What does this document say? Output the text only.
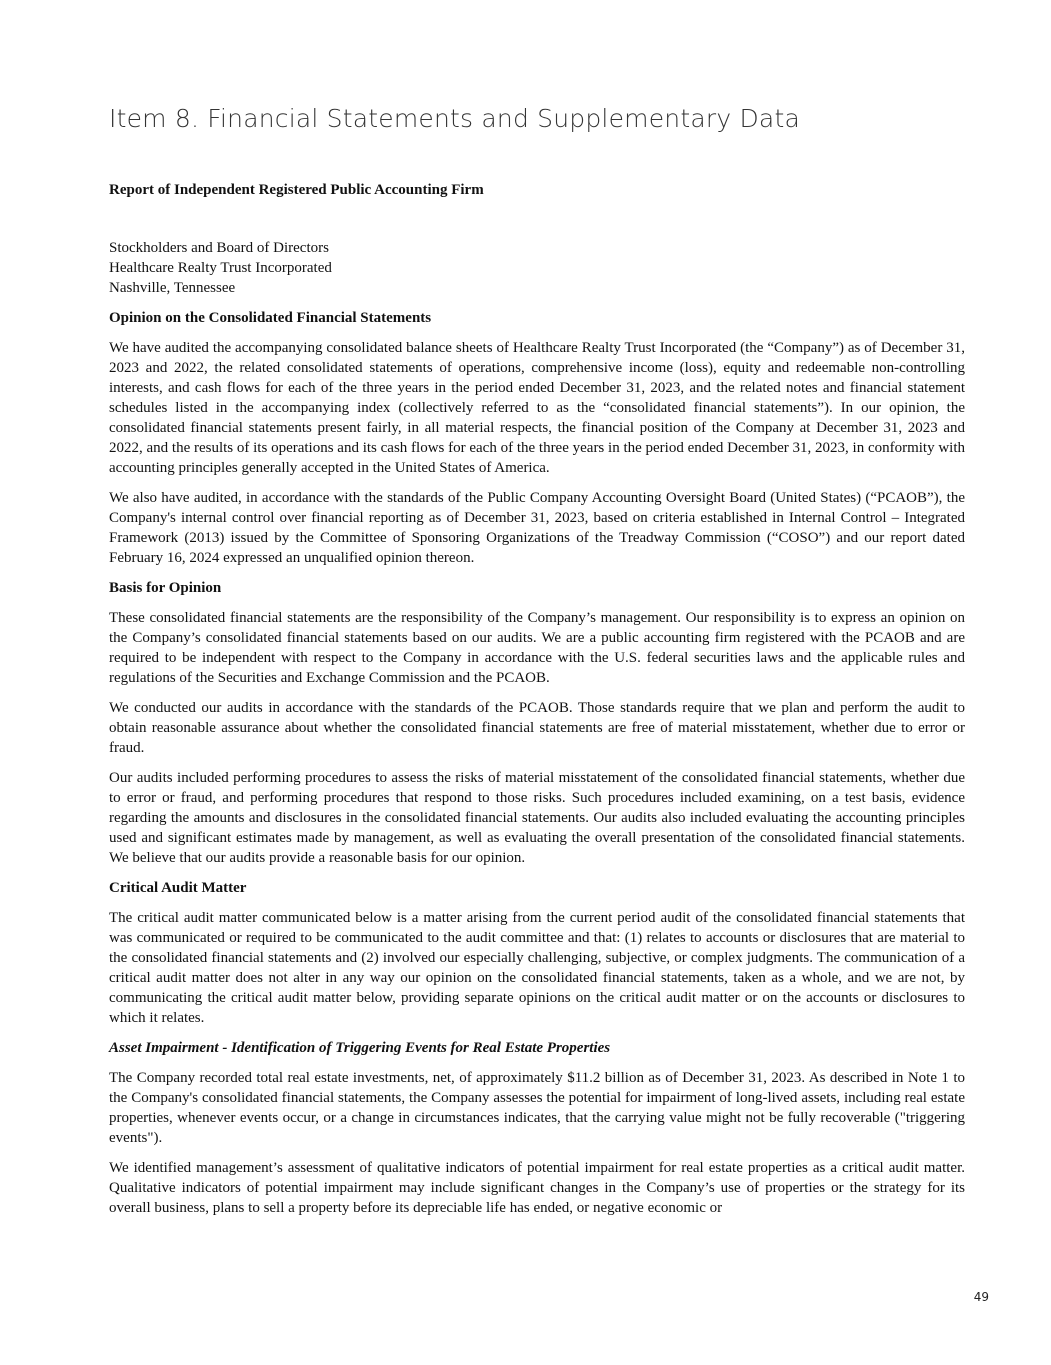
Item 8. Financial Statements and Supplementary Data
Report of Independent Registered Public Accounting Firm
Stockholders and Board of Directors
Healthcare Realty Trust Incorporated
Nashville, Tennessee
Opinion on the Consolidated Financial Statements

We have audited the accompanying consolidated balance sheets of Healthcare Realty Trust Incorporated (the “Company”) as of December 31, 2023 and 2022, the related consolidated statements of operations, comprehensive income (loss), equity and redeemable non-controlling interests, and cash flows for each of the three years in the period ended December 31, 2023, and the related notes and financial statement schedules listed in the accompanying index (collectively referred to as the “consolidated financial statements”). In our opinion, the consolidated financial statements present fairly, in all material respects, the financial position of the Company at December 31, 2023 and 2022, and the results of its operations and its cash flows for each of the three years in the period ended December 31, 2023, in conformity with accounting principles generally accepted in the United States of America.

We also have audited, in accordance with the standards of the Public Company Accounting Oversight Board (United States) (“PCAOB”), the Company's internal control over financial reporting as of December 31, 2023, based on criteria established in Internal Control – Integrated Framework (2013) issued by the Committee of Sponsoring Organizations of the Treadway Commission (“COSO”) and our report dated February 16, 2024 expressed an unqualified opinion thereon.

Basis for Opinion

These consolidated financial statements are the responsibility of the Company’s management. Our responsibility is to express an opinion on the Company’s consolidated financial statements based on our audits. We are a public accounting firm registered with the PCAOB and are required to be independent with respect to the Company in accordance with the U.S. federal securities laws and the applicable rules and regulations of the Securities and Exchange Commission and the PCAOB.

We conducted our audits in accordance with the standards of the PCAOB. Those standards require that we plan and perform the audit to obtain reasonable assurance about whether the consolidated financial statements are free of material misstatement, whether due to error or fraud.

Our audits included performing procedures to assess the risks of material misstatement of the consolidated financial statements, whether due to error or fraud, and performing procedures that respond to those risks. Such procedures included examining, on a test basis, evidence regarding the amounts and disclosures in the consolidated financial statements. Our audits also included evaluating the accounting principles used and significant estimates made by management, as well as evaluating the overall presentation of the consolidated financial statements. We believe that our audits provide a reasonable basis for our opinion.

Critical Audit Matter

The critical audit matter communicated below is a matter arising from the current period audit of the consolidated financial statements that was communicated or required to be communicated to the audit committee and that: (1) relates to accounts or disclosures that are material to the consolidated financial statements and (2) involved our especially challenging, subjective, or complex judgments. The communication of a critical audit matter does not alter in any way our opinion on the consolidated financial statements, taken as a whole, and we are not, by communicating the critical audit matter below, providing separate opinions on the critical audit matter or on the accounts or disclosures to which it relates.

Asset Impairment - Identification of Triggering Events for Real Estate Properties

The Company recorded total real estate investments, net, of approximately $11.2 billion as of December 31, 2023. As described in Note 1 to the Company's consolidated financial statements, the Company assesses the potential for impairment of long-lived assets, including real estate properties, whenever events occur, or a change in circumstances indicates, that the carrying value might not be fully recoverable ("triggering events").

We identified management’s assessment of qualitative indicators of potential impairment for real estate properties as a critical audit matter. Qualitative indicators of potential impairment may include significant changes in the Company’s use of properties or the strategy for its overall business, plans to sell a property before its depreciable life has ended, or negative economic or

49
